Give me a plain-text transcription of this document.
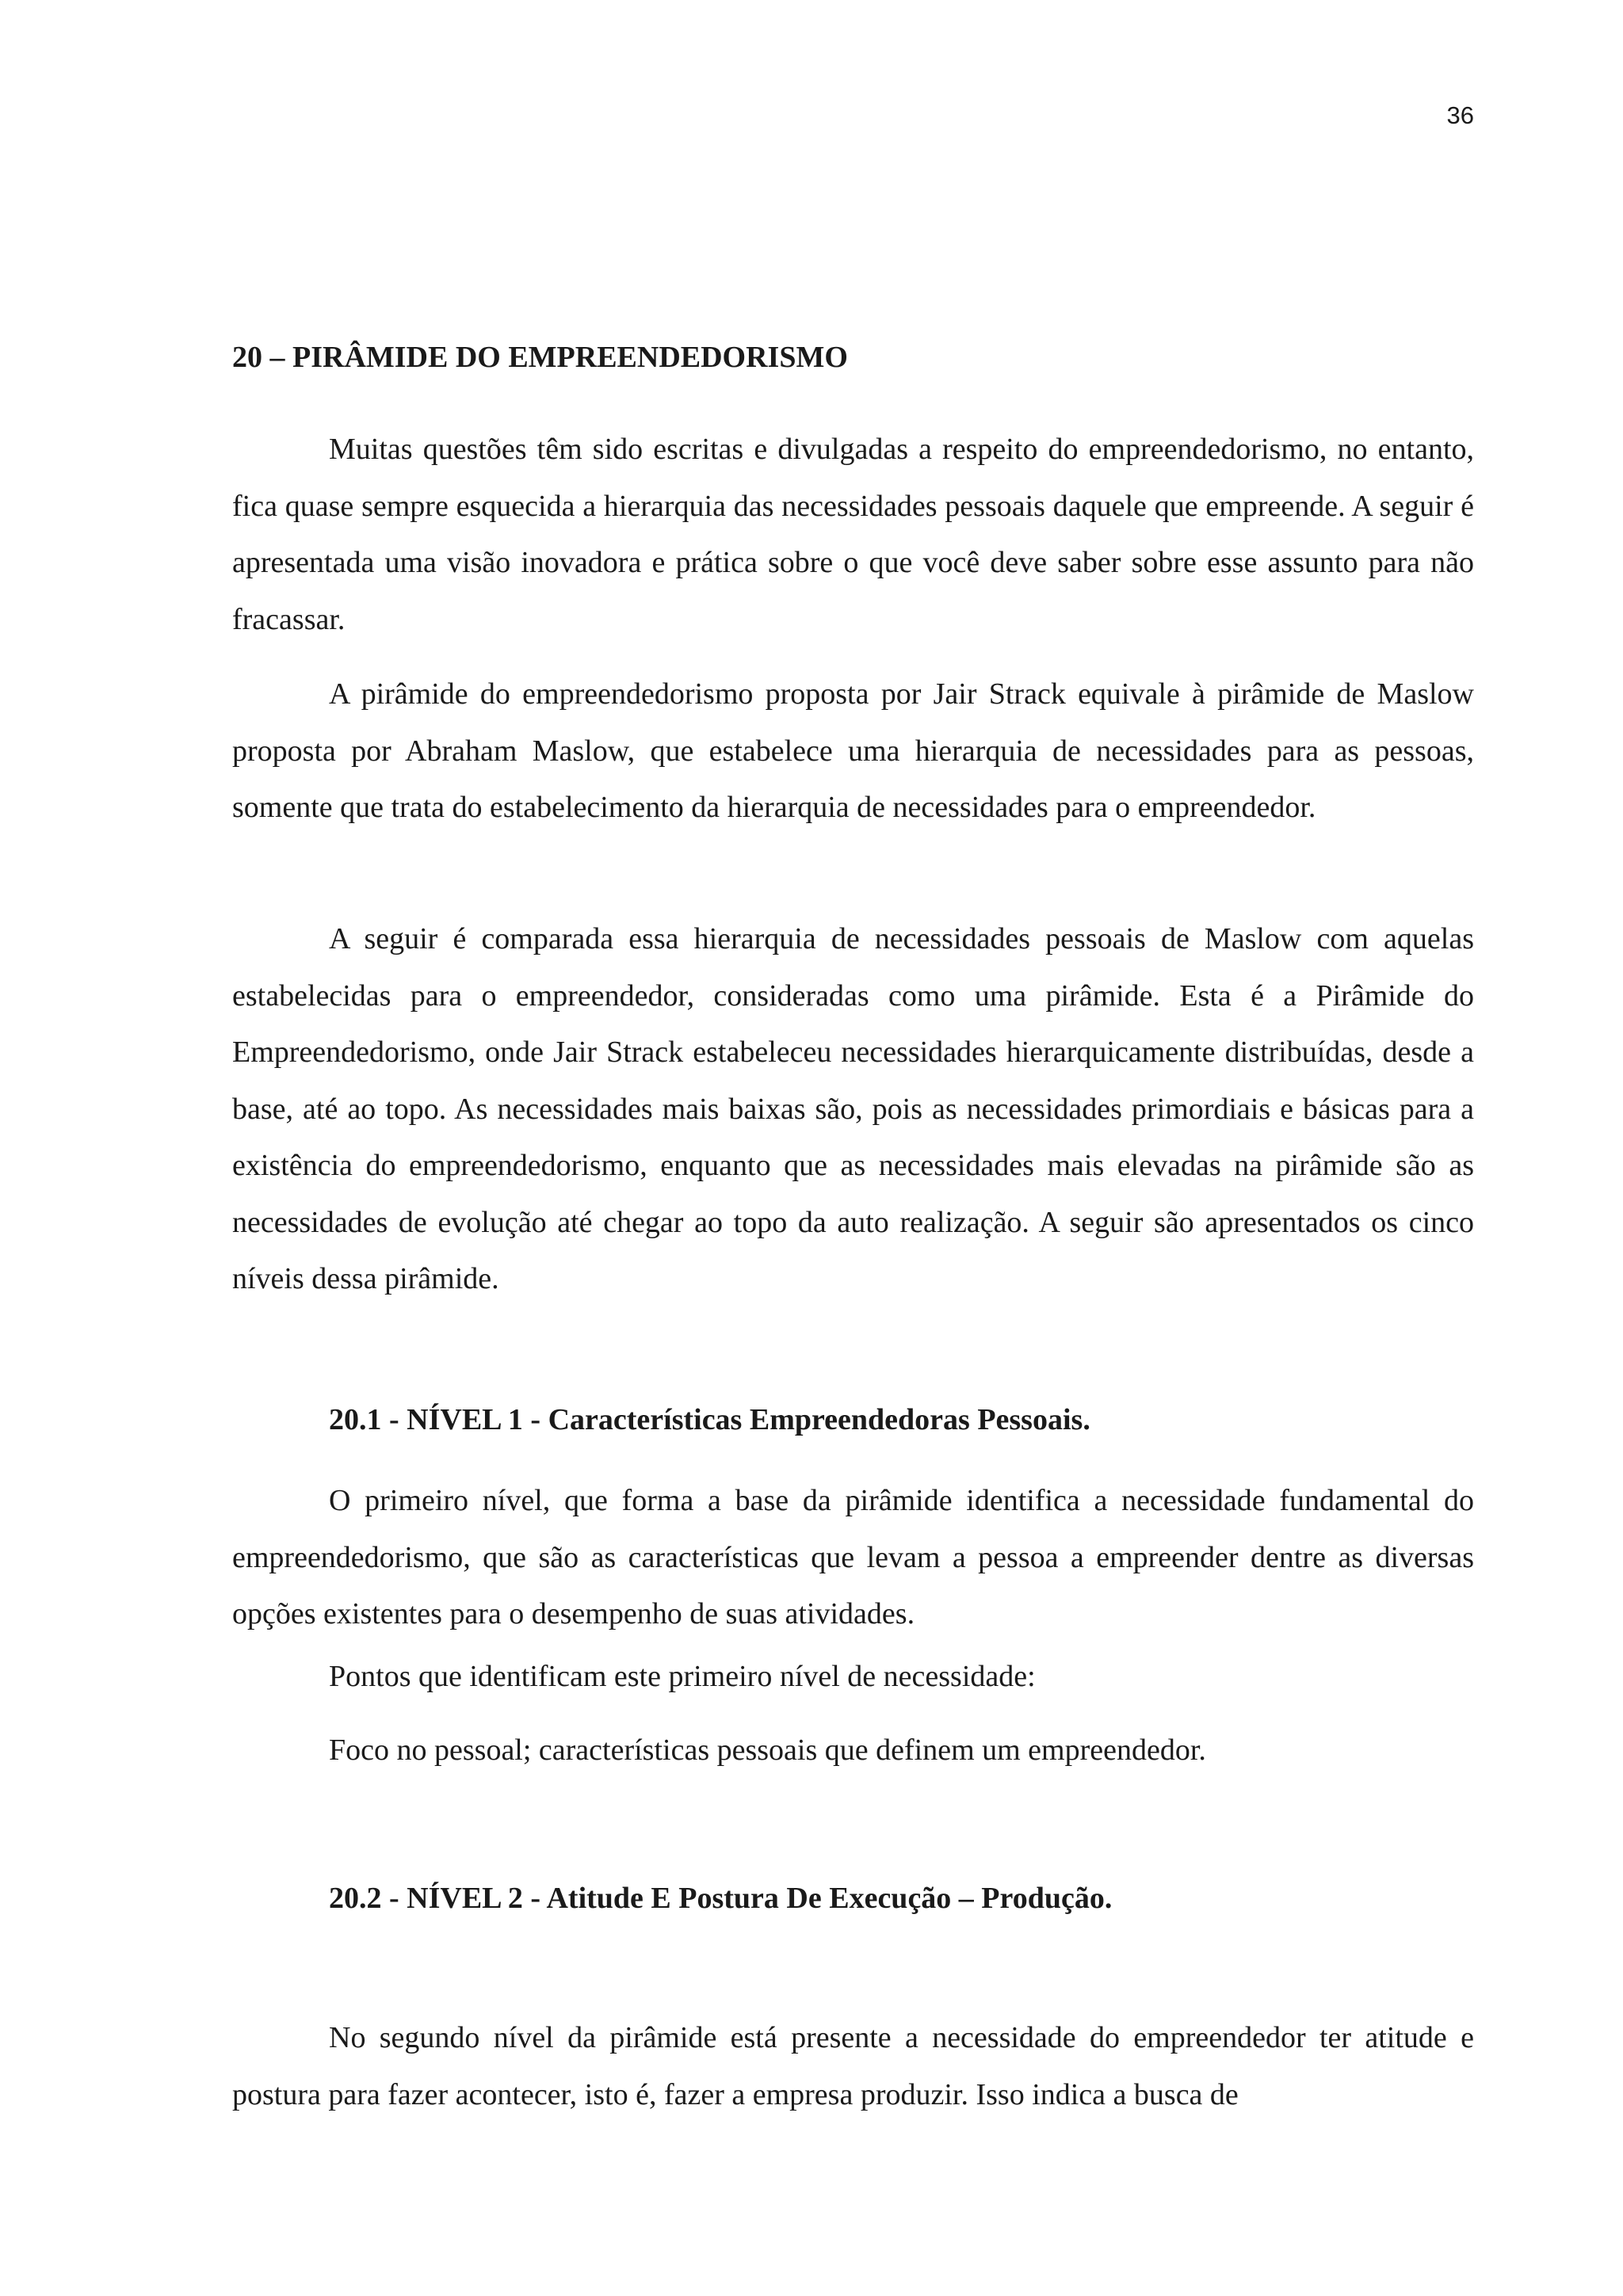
36
20 – PIRÂMIDE DO EMPREENDEDORISMO

Muitas questões têm sido escritas e divulgadas a respeito do empreendedorismo, no entanto, fica quase sempre esquecida a hierarquia das necessidades pessoais daquele que empreende. A seguir é apresentada uma visão inovadora e prática sobre o que você deve saber sobre esse assunto para não fracassar.

A pirâmide do empreendedorismo proposta por Jair Strack equivale à pirâmide de Maslow proposta por Abraham Maslow, que estabelece uma hierarquia de necessidades para as pessoas, somente que trata do estabelecimento da hierarquia de necessidades para o empreendedor.

A seguir é comparada essa hierarquia de necessidades pessoais de Maslow com aquelas estabelecidas para o empreendedor, consideradas como uma pirâmide. Esta é a Pirâmide do Empreendedorismo, onde Jair Strack estabeleceu necessidades hierarquicamente distribuídas, desde a base, até ao topo. As necessidades mais baixas são, pois as necessidades primordiais e básicas para a existência do empreendedorismo, enquanto que as necessidades mais elevadas na pirâmide são as necessidades de evolução até chegar ao topo da auto realização. A seguir são apresentados os cinco níveis dessa pirâmide.

20.1 - NÍVEL 1 - Características Empreendedoras Pessoais.

O primeiro nível, que forma a base da pirâmide identifica a necessidade fundamental do empreendedorismo, que são as características que levam a pessoa a empreender dentre as diversas opções existentes para o desempenho de suas atividades.

Pontos que identificam este primeiro nível de necessidade:
Foco no pessoal; características pessoais que definem um empreendedor.
20.2 - NÍVEL 2 - Atitude E Postura De Execução – Produção.

No segundo nível da pirâmide está presente a necessidade do empreendedor ter atitude e postura para fazer acontecer, isto é, fazer a empresa produzir. Isso indica a busca de
